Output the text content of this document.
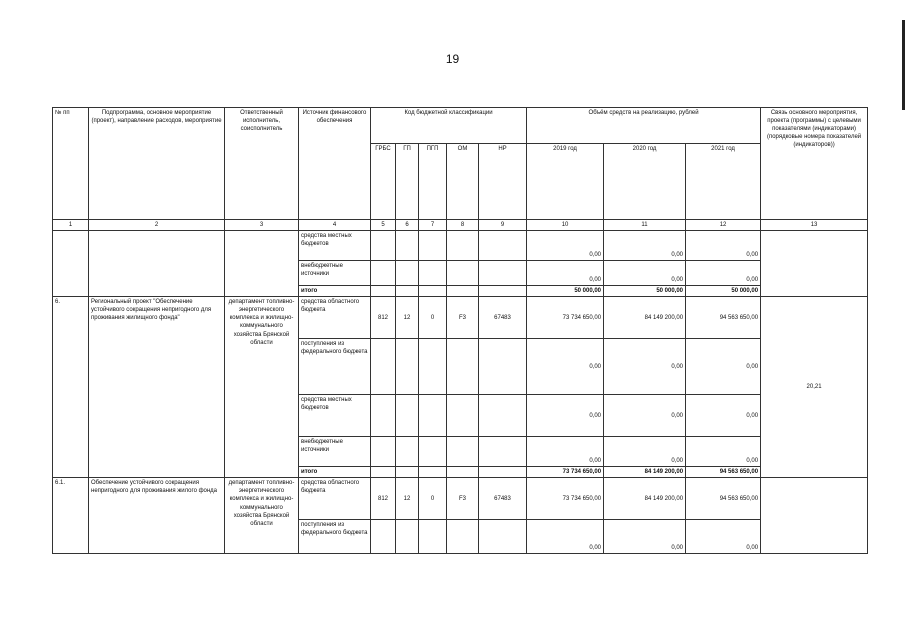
19
№ пп	Подпрограмма, основное мероприятие (проект), направление расходов, мероприятие	Ответственный исполнитель, соисполнитель	Источник финансового обеспечения	Код бюджетной классификации					Объём средств на реализацию, рублей			Связь основного мероприятия, проекта (программы) с целевыми показателями (индикаторами) (порядковые номера показателей (индикаторов))
				ГРБС	ГП	ПГП	ОМ	НР	2019 год	2020 год	2021 год	
1	2	3	4	5	6	7	8	9	10	11	12	13
			средства местных бюджетов						0,00	0,00	0,00	
			внебюджетные источники						0,00	0,00	0,00	
			итого						50 000,00	50 000,00	50 000,00	
6.	Региональный проект "Обеспечение устойчивого сокращения непригодного для проживания жилищного фонда"	департамент топливно-энергетического комплекса и жилищно-коммунального хозяйства Брянской области	средства областного бюджета	812	12	0	F3	67483	73 734 650,00	84 149 200,00	94 563 650,00	20,21
			поступления из федерального бюджета						0,00	0,00	0,00	
			средства местных бюджетов						0,00	0,00	0,00	
			внебюджетные источники						0,00	0,00	0,00	
			итого						73 734 650,00	84 149 200,00	94 563 650,00	
6.1.	Обеспечение устойчивого сокращения непригодного для проживания жилого фонда	департамент топливно-энергетического комплекса и жилищно-коммунального хозяйства Брянской области	средства областного бюджета	812	12	0	F3	67483	73 734 650,00	84 149 200,00	94 563 650,00	
			поступления из федерального бюджета						0,00	0,00	0,00	
